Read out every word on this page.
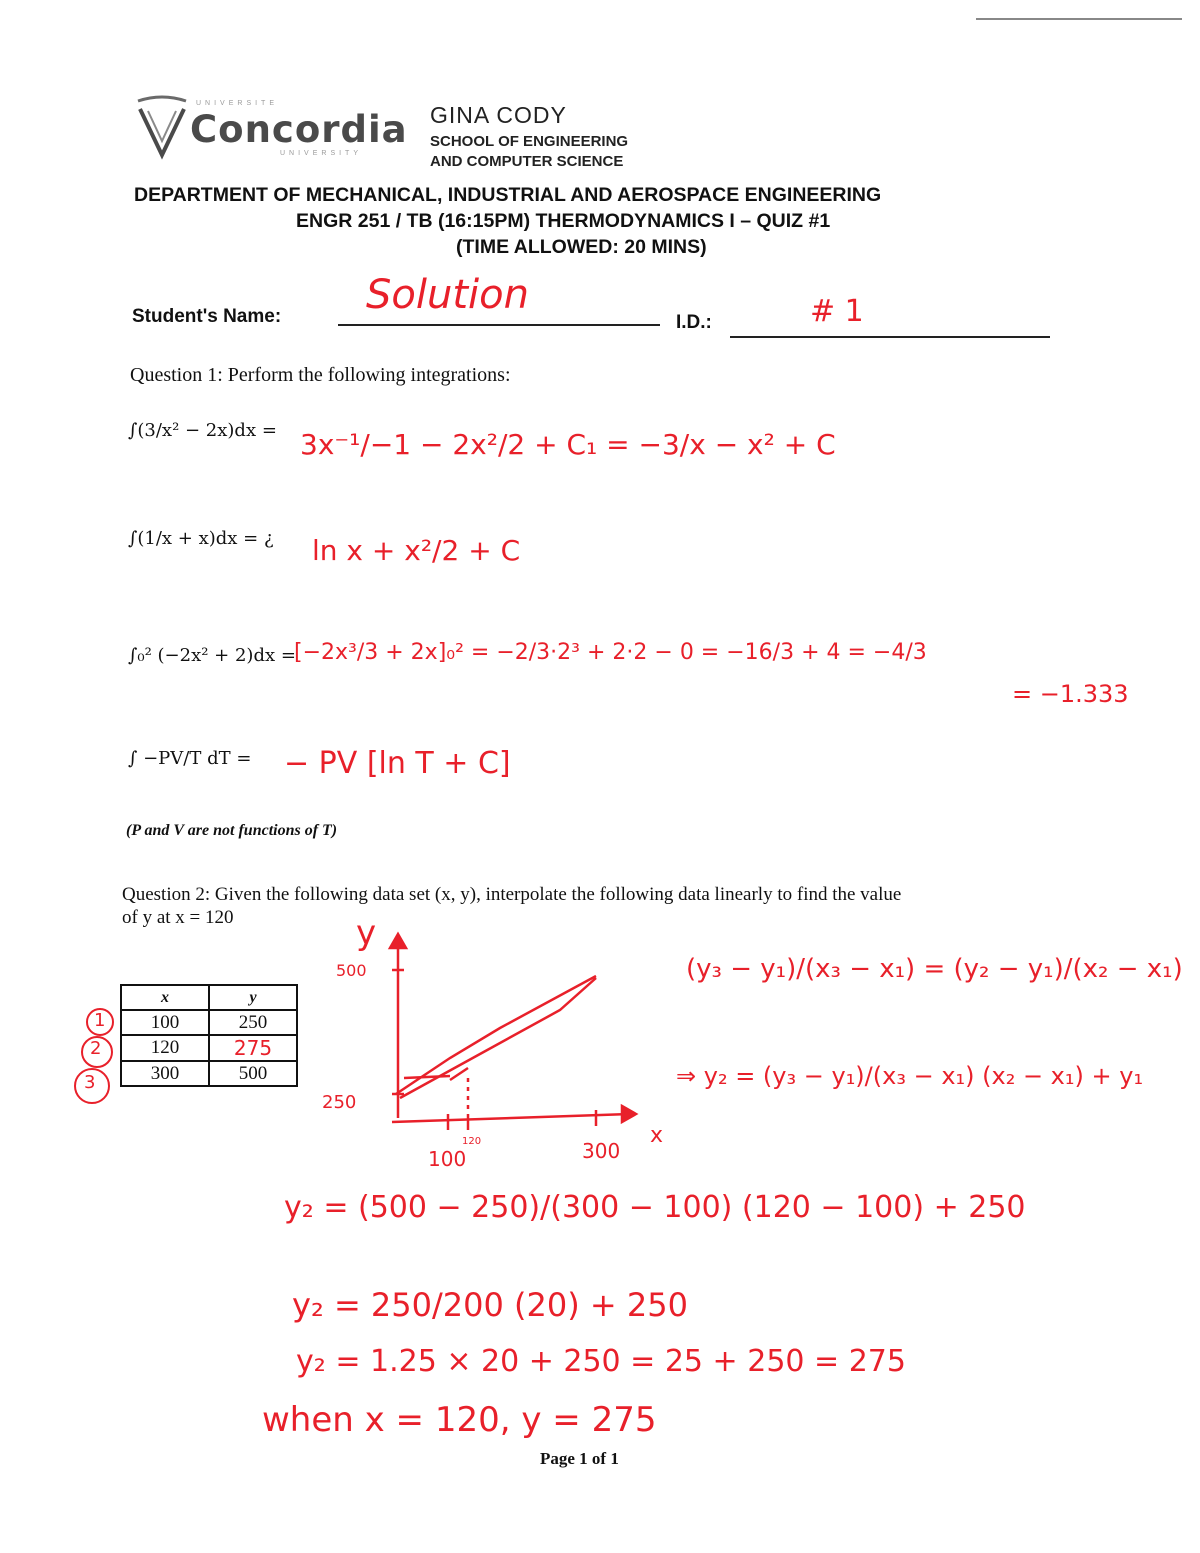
UNIVERSITE
Concordia
UNIVERSITY
GINA CODY
SCHOOL OF ENGINEERING
AND COMPUTER SCIENCE
DEPARTMENT OF MECHANICAL, INDUSTRIAL AND AEROSPACE ENGINEERING
ENGR 251 / TB (16:15PM) THERMODYNAMICS I – QUIZ #1
(TIME ALLOWED: 20 MINS)
Student's Name: Solution
I.D.:	# 1
Question 1: Perform the following integrations:
∫(3/x² − 2x)dx = 3x⁻¹/−1 − 2x²/2 + C₁ = −3/x − x² + C
∫(1/x + x)dx = ¿ ln x + x²/2 + C
∫₀² (−2x² + 2)dx =
[−2x³/3 + 2x]₀² = −2/3·2³ + 2·2 − 0 = −16/3 + 4 = −4/3
= −1.333
∫ −PV/T dT = − PV [ln T + C]
(P and V are not functions of T)
Question 2: Given the following data set (x, y), interpolate the following data linearly to find the value
of y at x = 120
1
2
3
x	y
100	250
120	275
300	500
y
500
250
x
100
120	300
(y₃ − y₁)/(x₃ − x₁) = (y₂ − y₁)/(x₂ − x₁)
⇒ y₂ = (y₃ − y₁)/(x₃ − x₁) (x₂ − x₁) + y₁
y₂ = (500 − 250)/(300 − 100) (120 − 100) + 250
y₂ = 250/200 (20) + 250
y₂ = 1.25 × 20 + 250 = 25 + 250 = 275
when x = 120, y = 275
Page 1 of 1
